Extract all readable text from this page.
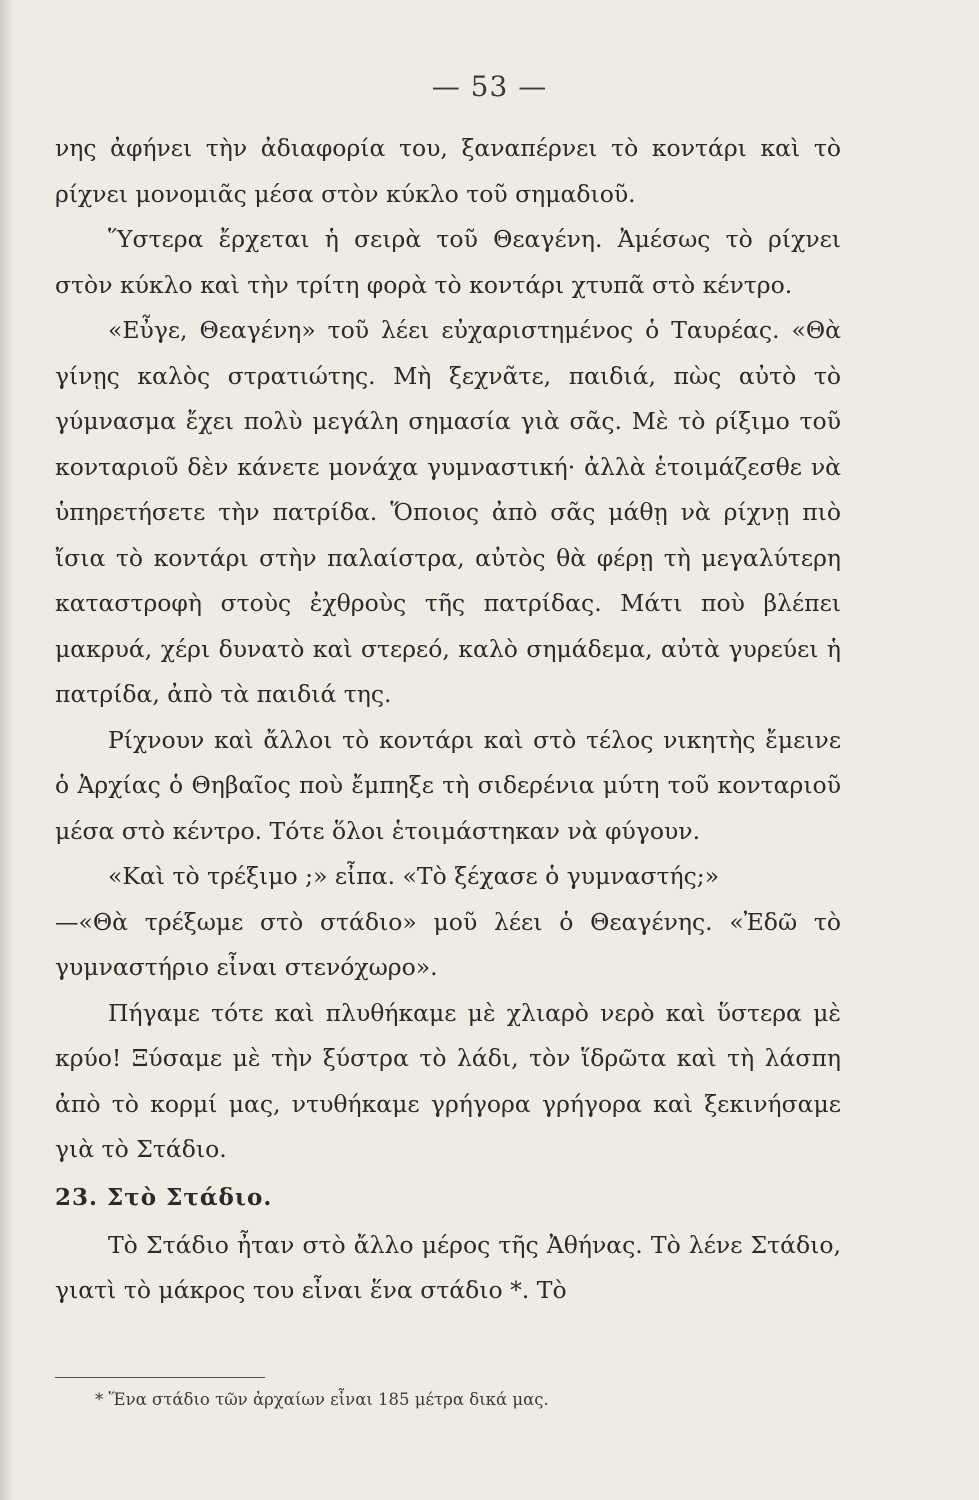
— 53 —

νης ἀφήνει τὴν ἀδιαφορία του, ξαναπέρνει τὸ κοντάρι καὶ τὸ ρίχνει μονομιᾶς μέσα στὸν κύκλο τοῦ σημαδιοῦ.

Ὕστερα ἔρχεται ἡ σειρὰ τοῦ Θεαγένη. Ἀμέσως τὸ ρίχνει στὸν κύκλο καὶ τὴν τρίτη φορὰ τὸ κοντάρι χτυπᾶ στὸ κέντρο.

«Εὖγε, Θεαγένη» τοῦ λέει εὐχαριστημένος ὁ Ταυρέας. «Θὰ γίνῃς καλὸς στρατιώτης. Μὴ ξεχνᾶτε, παιδιά, πὼς αὐτὸ τὸ γύμνασμα ἔχει πολὺ μεγάλη σημασία γιὰ σᾶς. Μὲ τὸ ρίξιμο τοῦ κονταριοῦ δὲν κάνετε μονάχα γυμναστική· ἀλλὰ ἑτοιμάζεσθε νὰ ὑπηρετήσετε τὴν πατρίδα. Ὅποιος ἀπὸ σᾶς μάθῃ νὰ ρίχνῃ πιὸ ἴσια τὸ κοντάρι στὴν παλαίστρα, αὐτὸς θὰ φέρῃ τὴ μεγαλύτερη καταστροφὴ στοὺς ἐχθροὺς τῆς πατρίδας. Μάτι ποὺ βλέπει μακρυά, χέρι δυνατὸ καὶ στερεό, καλὸ σημάδεμα, αὐτὰ γυρεύει ἡ πατρίδα, ἀπὸ τὰ παιδιά της.

Ρίχνουν καὶ ἄλλοι τὸ κοντάρι καὶ στὸ τέλος νικητὴς ἔμεινε ὁ Ἀρχίας ὁ Θηβαῖος ποὺ ἔμπηξε τὴ σιδερένια μύτη τοῦ κονταριοῦ μέσα στὸ κέντρο. Τότε ὅλοι ἑτοιμάστηκαν νὰ φύγουν.

«Καὶ τὸ τρέξιμο ;» εἶπα. «Τὸ ξέχασε ὁ γυμναστής;»

—«Θὰ τρέξωμε στὸ στάδιο» μοῦ λέει ὁ Θεαγένης. «Ἐδῶ τὸ γυμναστήριο εἶναι στενόχωρο».

Πήγαμε τότε καὶ πλυθήκαμε μὲ χλιαρὸ νερὸ καὶ ὕστερα μὲ κρύο! Ξύσαμε μὲ τὴν ξύστρα τὸ λάδι, τὸν ἵδρῶτα καὶ τὴ λάσπη ἀπὸ τὸ κορμί μας, ντυθήκαμε γρήγορα γρήγορα καὶ ξεκινήσαμε γιὰ τὸ Στάδιο.

23. Στὸ Στάδιο.

Τὸ Στάδιο ἦταν στὸ ἄλλο μέρος τῆς Ἀθήνας. Τὸ λένε Στάδιο, γιατὶ τὸ μάκρος του εἶναι ἕνα στάδιο *. Τὸ

* Ἕνα στάδιο τῶν ἀρχαίων εἶναι 185 μέτρα δικά μας.
